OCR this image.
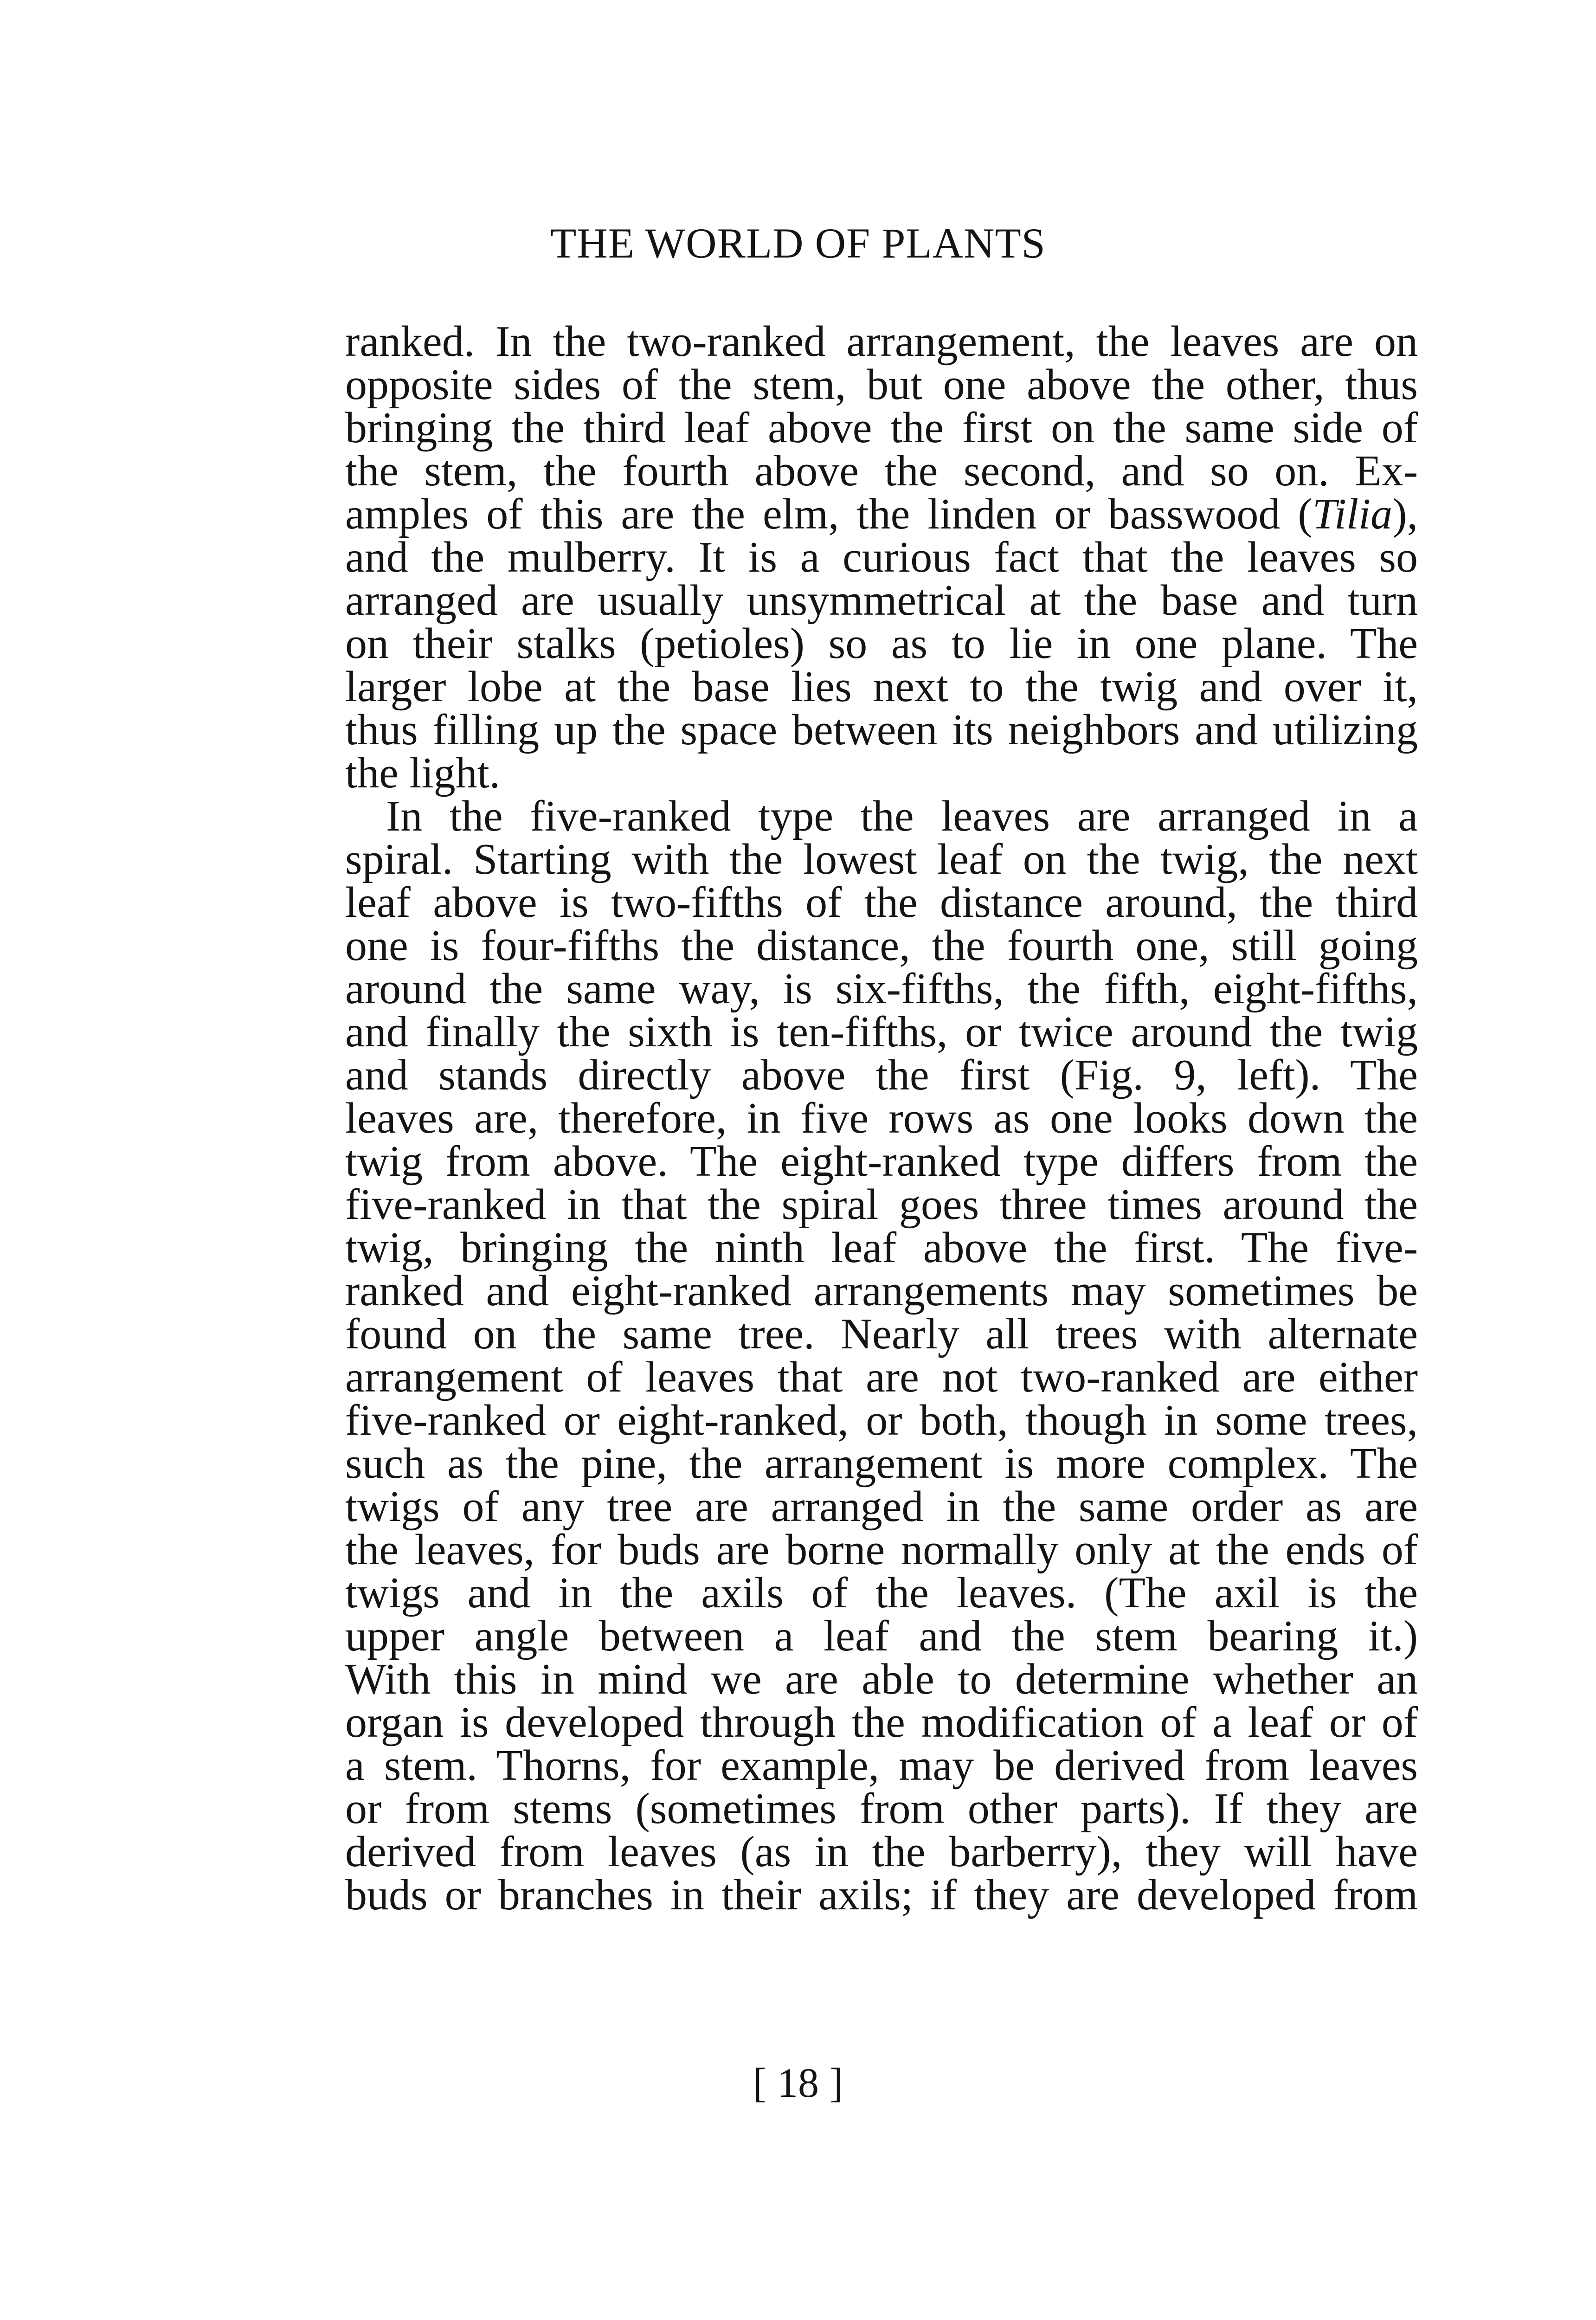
THE WORLD OF PLANTS

ranked. In the two-ranked arrangement, the leaves are on
opposite sides of the stem, but one above the other, thus
bringing the third leaf above the first on the same side of
the stem, the fourth above the second, and so on. Ex-
amples of this are the elm, the linden or basswood (Tilia),
and the mulberry. It is a curious fact that the leaves so
arranged are usually unsymmetrical at the base and turn
on their stalks (petioles) so as to lie in one plane. The
larger lobe at the base lies next to the twig and over it,
thus filling up the space between its neighbors and utilizing
the light.

In the five-ranked type the leaves are arranged in a
spiral. Starting with the lowest leaf on the twig, the next
leaf above is two-fifths of the distance around, the third
one is four-fifths the distance, the fourth one, still going
around the same way, is six-fifths, the fifth, eight-fifths,
and finally the sixth is ten-fifths, or twice around the twig
and stands directly above the first (Fig. 9, left). The
leaves are, therefore, in five rows as one looks down the
twig from above. The eight-ranked type differs from the
five-ranked in that the spiral goes three times around the
twig, bringing the ninth leaf above the first. The five-
ranked and eight-ranked arrangements may sometimes be
found on the same tree. Nearly all trees with alternate
arrangement of leaves that are not two-ranked are either
five-ranked or eight-ranked, or both, though in some trees,
such as the pine, the arrangement is more complex. The
twigs of any tree are arranged in the same order as are
the leaves, for buds are borne normally only at the ends of
twigs and in the axils of the leaves. (The axil is the
upper angle between a leaf and the stem bearing it.)
With this in mind we are able to determine whether an
organ is developed through the modification of a leaf or of
a stem. Thorns, for example, may be derived from leaves
or from stems (sometimes from other parts). If they are
derived from leaves (as in the barberry), they will have
buds or branches in their axils; if they are developed from

[ 18 ]
